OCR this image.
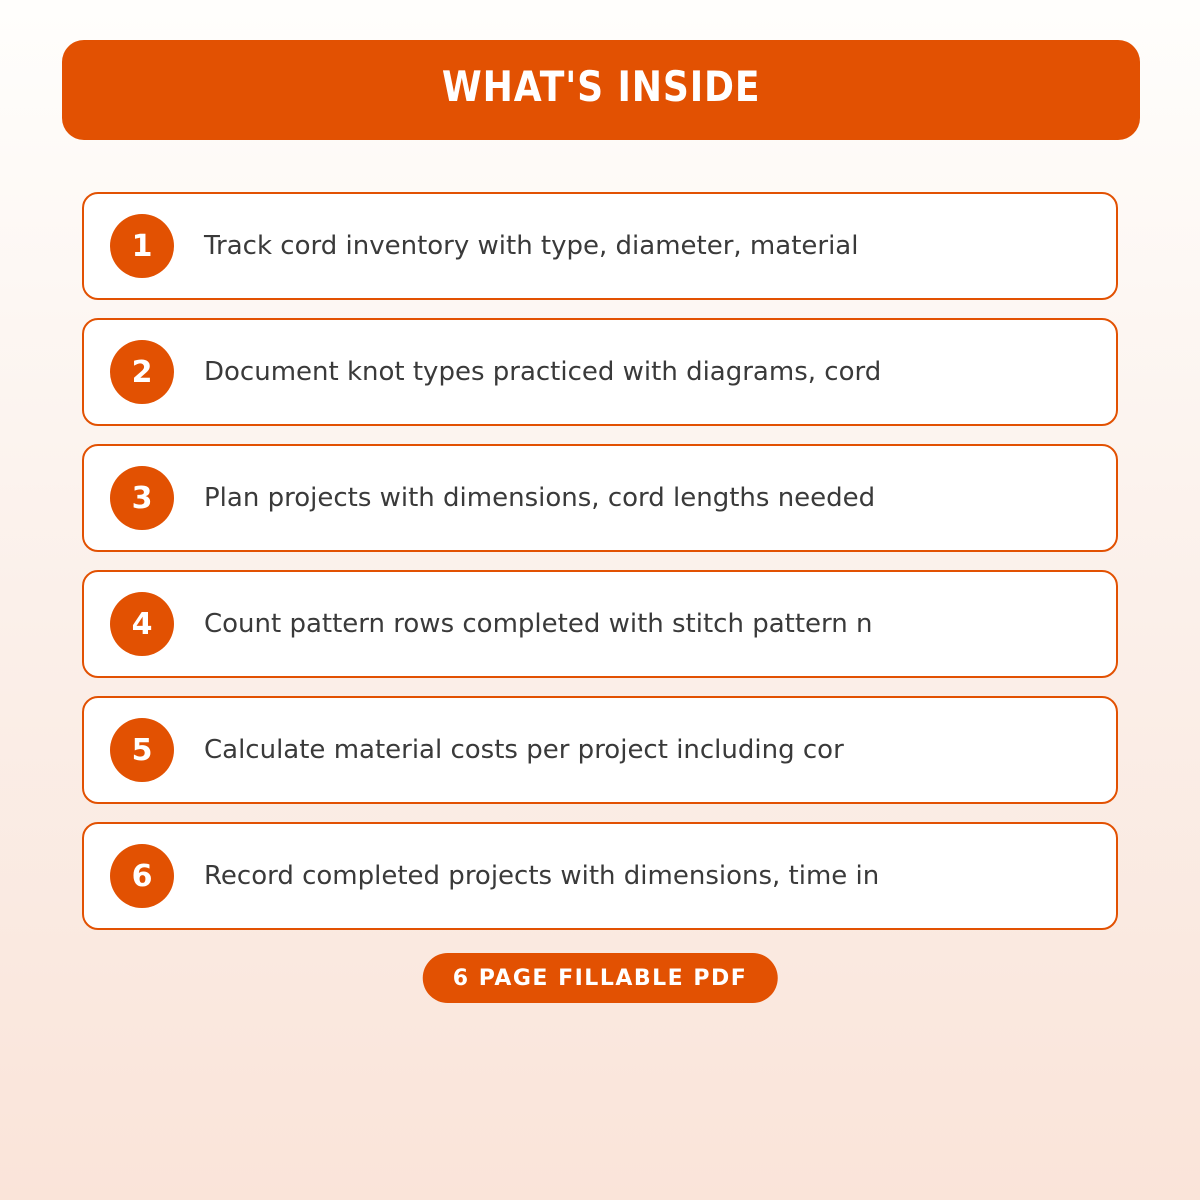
WHAT'S INSIDE
1	Track cord inventory with type, diameter, material
2	Document knot types practiced with diagrams, cord
3	Plan projects with dimensions, cord lengths needed
4	Count pattern rows completed with stitch pattern n
5	Calculate material costs per project including cor
6	Record completed projects with dimensions, time in
6 PAGE FILLABLE PDF
